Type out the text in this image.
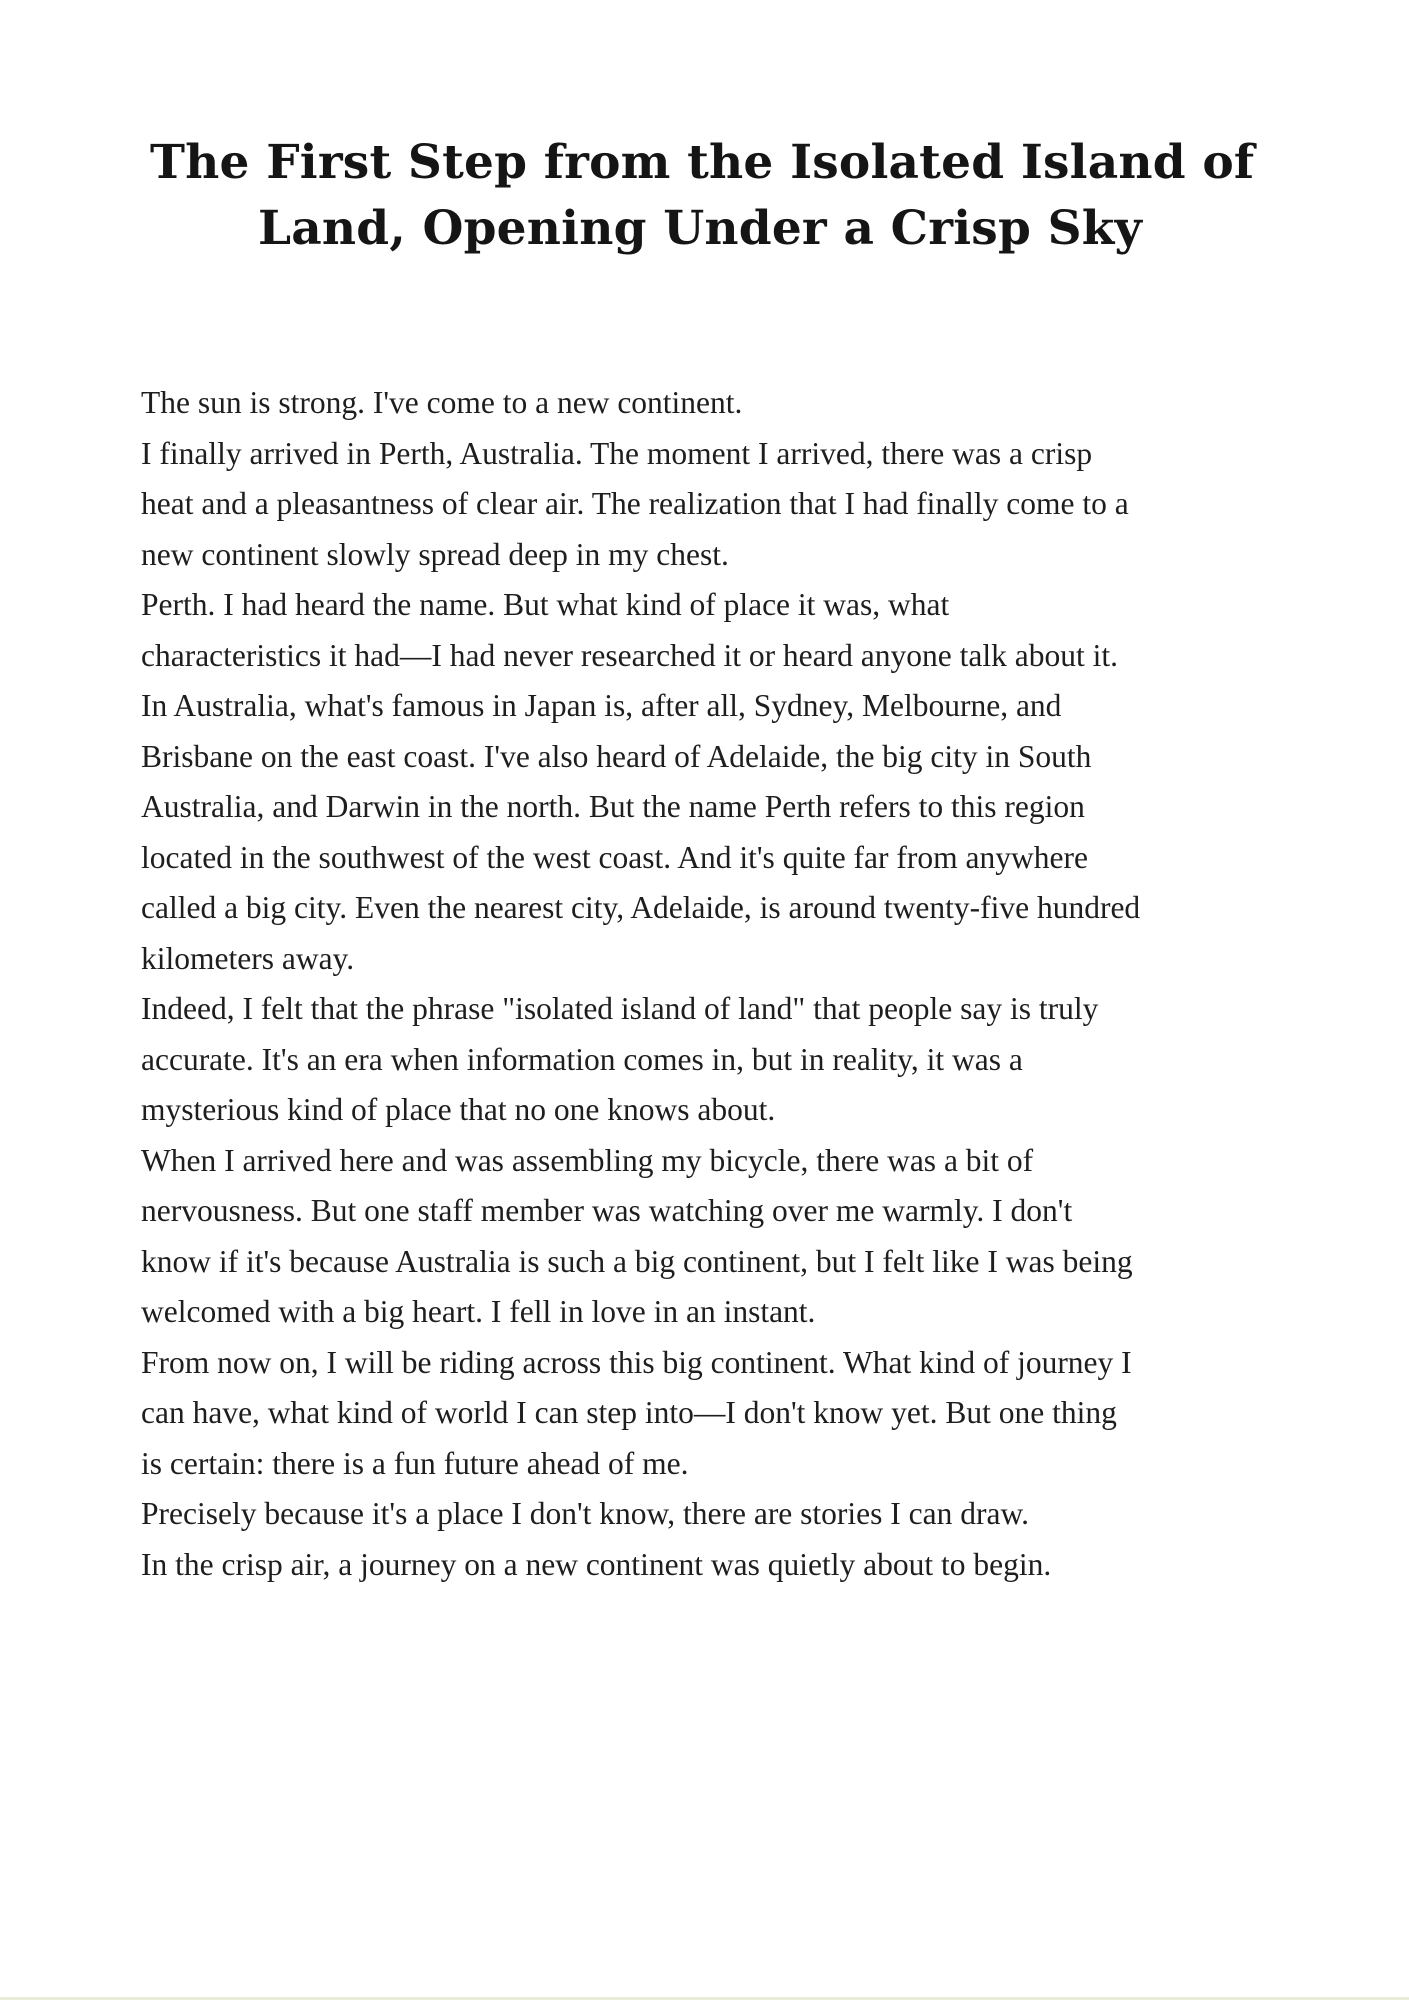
The First Step from the Isolated Island of
Land, Opening Under a Crisp Sky
The sun is strong. I've come to a new continent.
I finally arrived in Perth, Australia. The moment I arrived, there was a crisp
heat and a pleasantness of clear air. The realization that I had finally come to a
new continent slowly spread deep in my chest.
Perth. I had heard the name. But what kind of place it was, what
characteristics it had—I had never researched it or heard anyone talk about it.
In Australia, what's famous in Japan is, after all, Sydney, Melbourne, and
Brisbane on the east coast. I've also heard of Adelaide, the big city in South
Australia, and Darwin in the north. But the name Perth refers to this region
located in the southwest of the west coast. And it's quite far from anywhere
called a big city. Even the nearest city, Adelaide, is around twenty-five hundred
kilometers away.
Indeed, I felt that the phrase "isolated island of land" that people say is truly
accurate. It's an era when information comes in, but in reality, it was a
mysterious kind of place that no one knows about.
When I arrived here and was assembling my bicycle, there was a bit of
nervousness. But one staff member was watching over me warmly. I don't
know if it's because Australia is such a big continent, but I felt like I was being
welcomed with a big heart. I fell in love in an instant.
From now on, I will be riding across this big continent. What kind of journey I
can have, what kind of world I can step into—I don't know yet. But one thing
is certain: there is a fun future ahead of me.
Precisely because it's a place I don't know, there are stories I can draw.
In the crisp air, a journey on a new continent was quietly about to begin.
